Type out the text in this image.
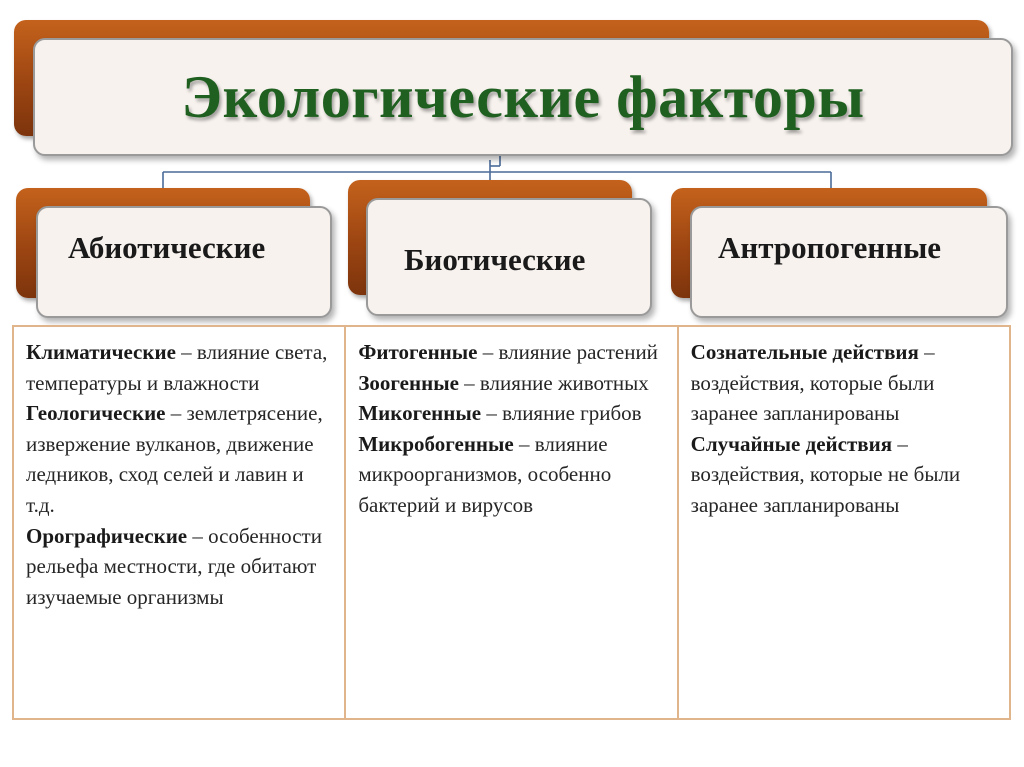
Экологические факторы
Абиотические	Биотические	Антропогенные

Климатические – влияние света, температуры и влажности

Геологические – землетрясение, извержение вулканов, движение ледников, сход селей и лавин и т.д.

Орографические – особенности рельефа местности, где обитают изучаемые организмы

Фитогенные – влияние растений

Зоогенные – влияние животных

Микогенные – влияние грибов

Микробогенные – влияние микроорганизмов, особенно бактерий и вирусов

Сознательные действия – воздействия, которые были заранее запланированы

Случайные действия – воздействия, которые не были заранее запланированы
